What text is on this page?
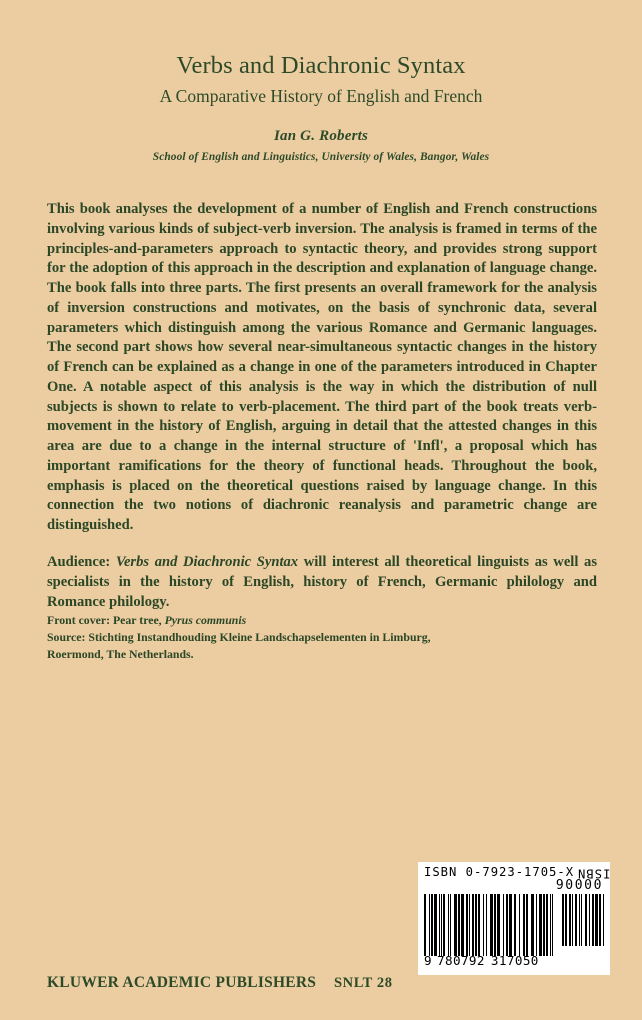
Verbs and Diachronic Syntax
A Comparative History of English and French
Ian G. Roberts
School of English and Linguistics, University of Wales, Bangor, Wales

This book analyses the development of a number of English and French constructions involving various kinds of subject-verb inversion. The analysis is framed in terms of the principles-and-parameters approach to syntactic theory, and provides strong support for the adoption of this approach in the description and explanation of language change. The book falls into three parts. The first presents an overall framework for the analysis of inversion constructions and motivates, on the basis of synchronic data, several parameters which distinguish among the various Romance and Germanic languages. The second part shows how several near-simultaneous syntactic changes in the history of French can be explained as a change in one of the parameters introduced in Chapter One. A notable aspect of this analysis is the way in which the distribution of null subjects is shown to relate to verb-placement. The third part of the book treats verb-movement in the history of English, arguing in detail that the attested changes in this area are due to a change in the internal structure of 'Infl', a proposal which has important ramifications for the theory of functional heads. Throughout the book, emphasis is placed on the theoretical questions raised by language change. In this connection the two notions of diachronic reanalysis and parametric change are distinguished.

Audience: Verbs and Diachronic Syntax will interest all theoretical linguists as well as specialists in the history of English, history of French, Germanic philology and Romance philology.

Front cover: Pear tree, Pyrus communis
Source: Stichting Instandhouding Kleine Landschapselementen in Limburg,
Roermond, The Netherlands.
KLUWER ACADEMIC PUBLISHERS SNLT 28
ISBN 0-7923-1705-X ISBN
90000
9 780792 317050
